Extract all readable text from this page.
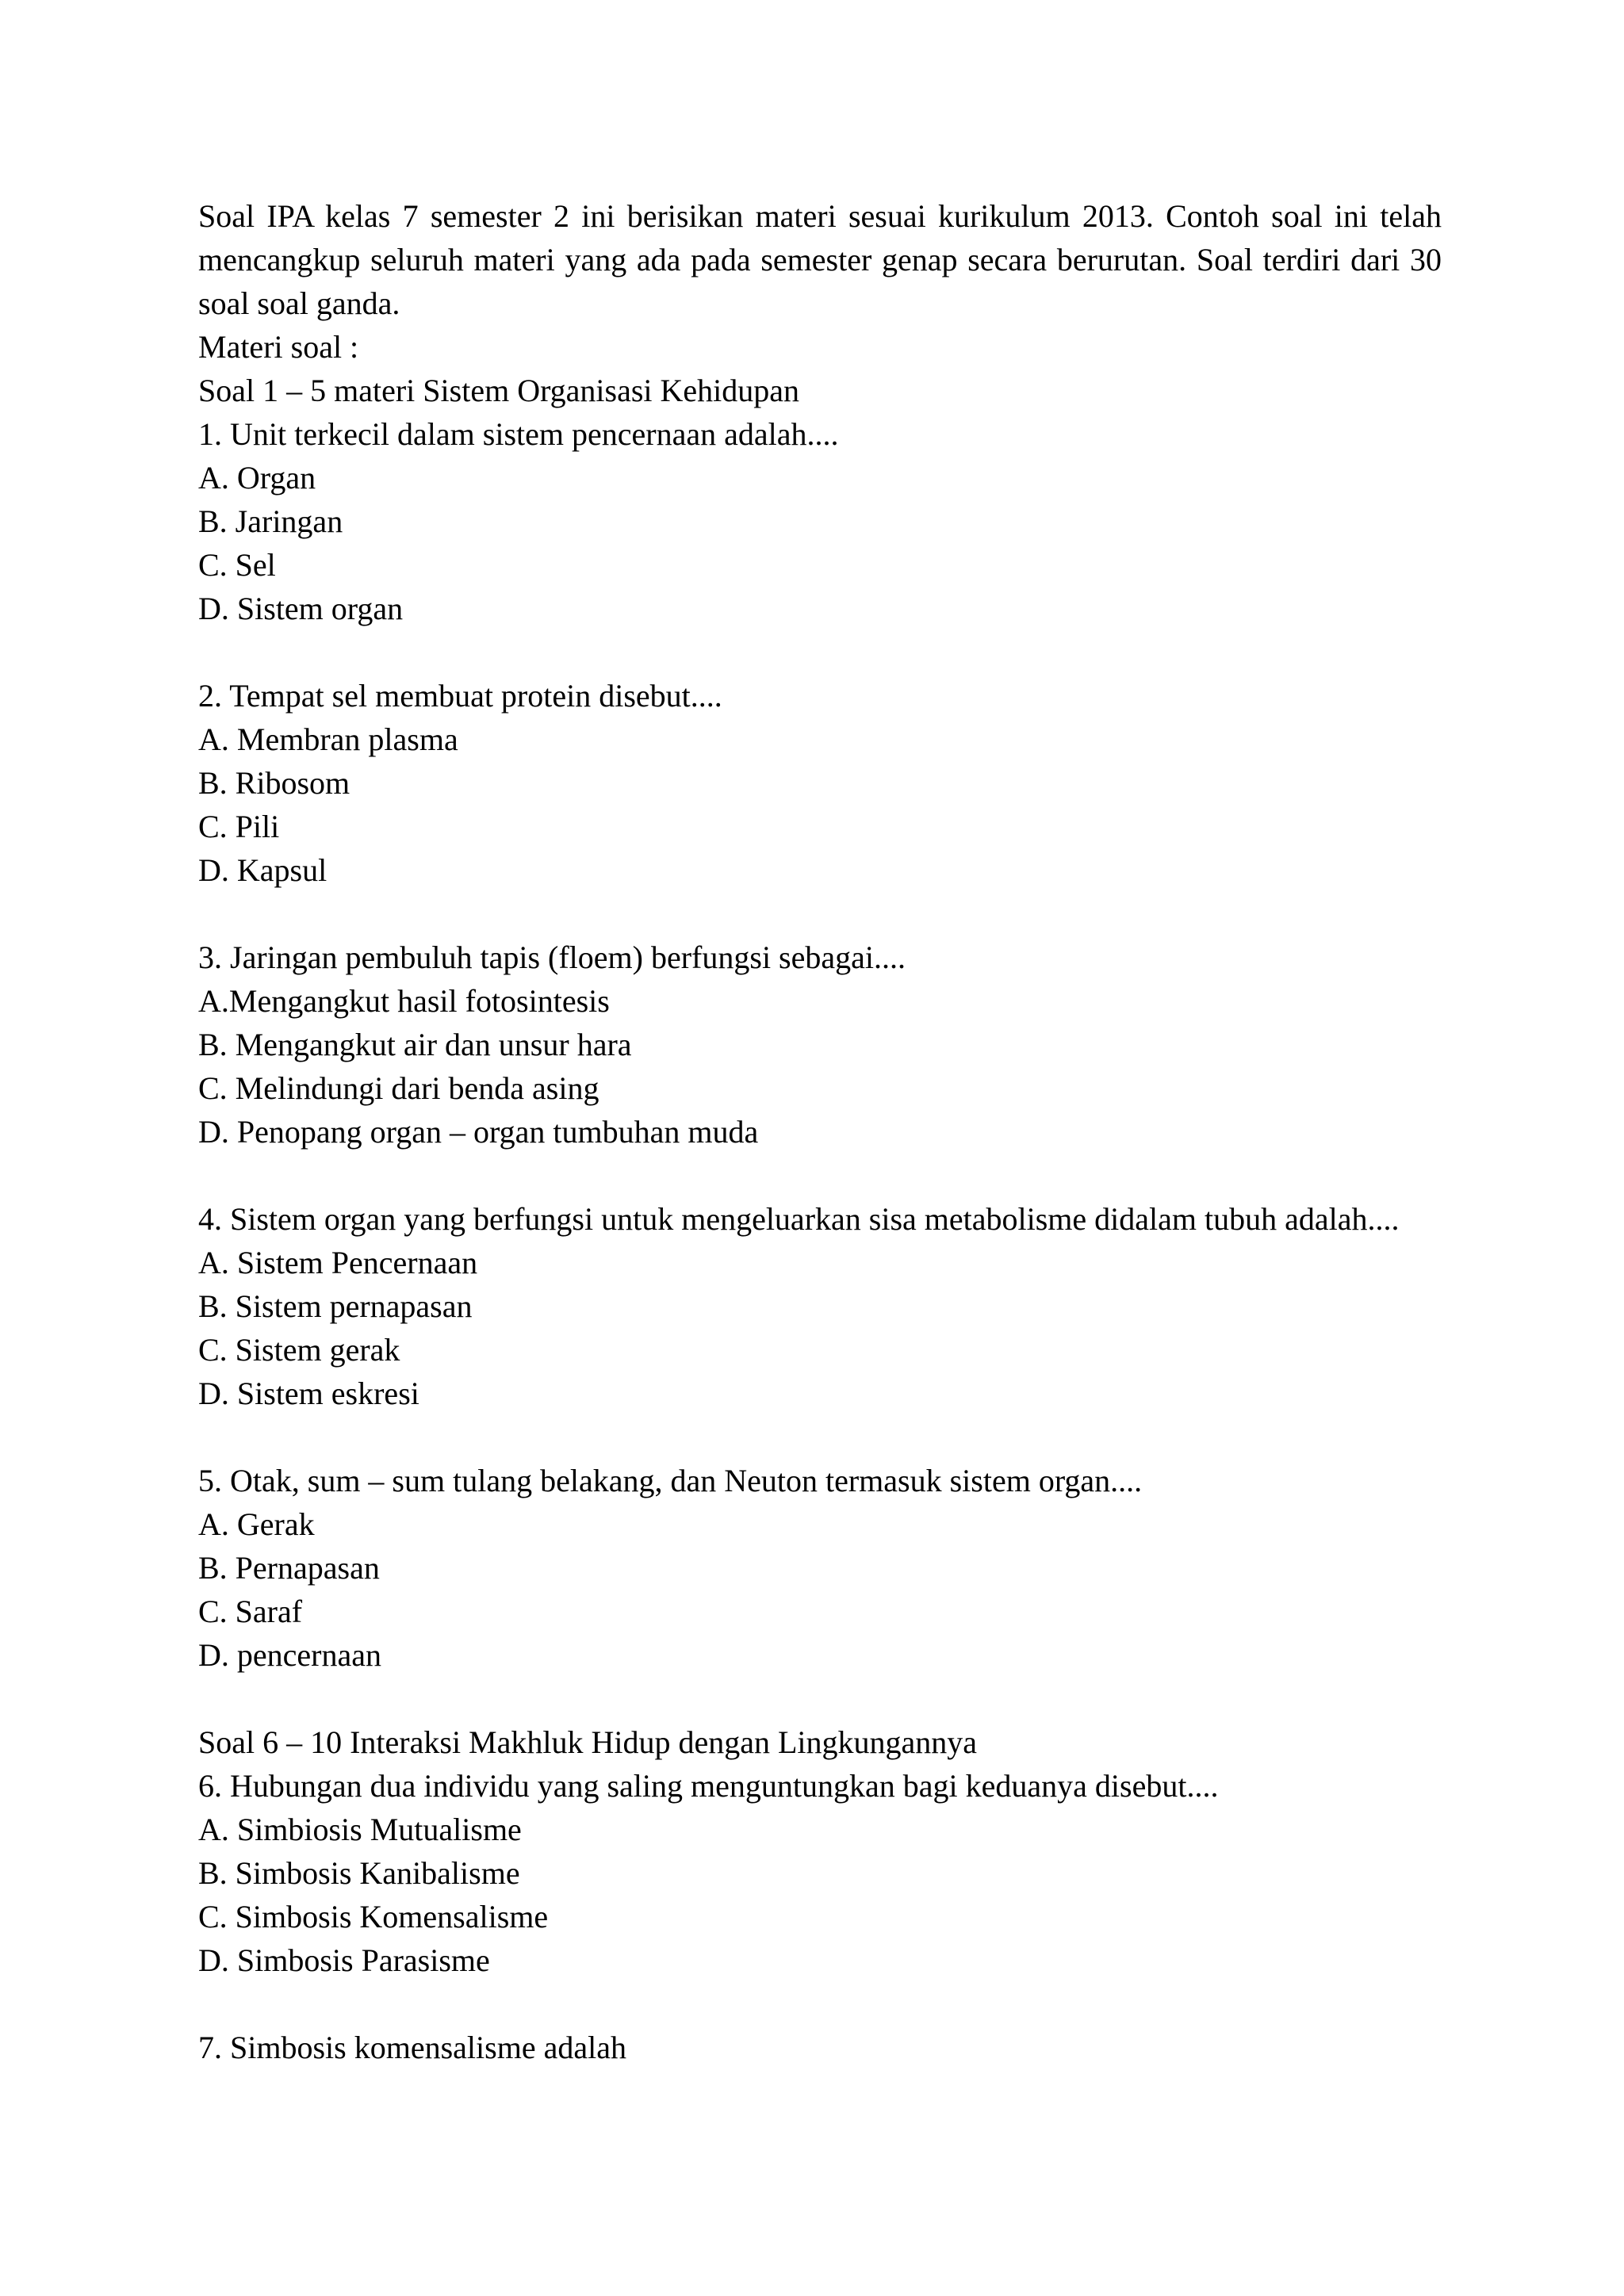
Soal IPA kelas 7 semester 2 ini berisikan materi sesuai kurikulum 2013. Contoh soal ini telah mencangkup seluruh materi yang ada pada semester genap secara berurutan. Soal terdiri dari 30 soal soal ganda.

Materi soal :

Soal 1 – 5 materi Sistem Organisasi Kehidupan

1. Unit terkecil dalam sistem pencernaan adalah....

A. Organ

B. Jaringan

C. Sel

D. Sistem organ

2. Tempat sel membuat protein disebut....

A. Membran plasma

B. Ribosom

C. Pili

D. Kapsul

3. Jaringan pembuluh tapis (floem) berfungsi sebagai....

A.Mengangkut hasil fotosintesis

B. Mengangkut air dan unsur hara

C. Melindungi dari benda asing

D. Penopang organ – organ tumbuhan muda

4. Sistem organ yang berfungsi untuk mengeluarkan sisa metabolisme didalam tubuh adalah....

A. Sistem Pencernaan

B. Sistem pernapasan

C. Sistem gerak

D. Sistem eskresi

5. Otak, sum – sum tulang belakang, dan Neuton termasuk sistem organ....

A. Gerak

B. Pernapasan

C. Saraf

D. pencernaan

Soal 6 – 10 Interaksi Makhluk Hidup dengan Lingkungannya

6. Hubungan dua individu yang saling menguntungkan bagi keduanya disebut....

A. Simbiosis Mutualisme

B. Simbosis Kanibalisme

C. Simbosis Komensalisme

D. Simbosis Parasisme

7. Simbosis komensalisme adalah
